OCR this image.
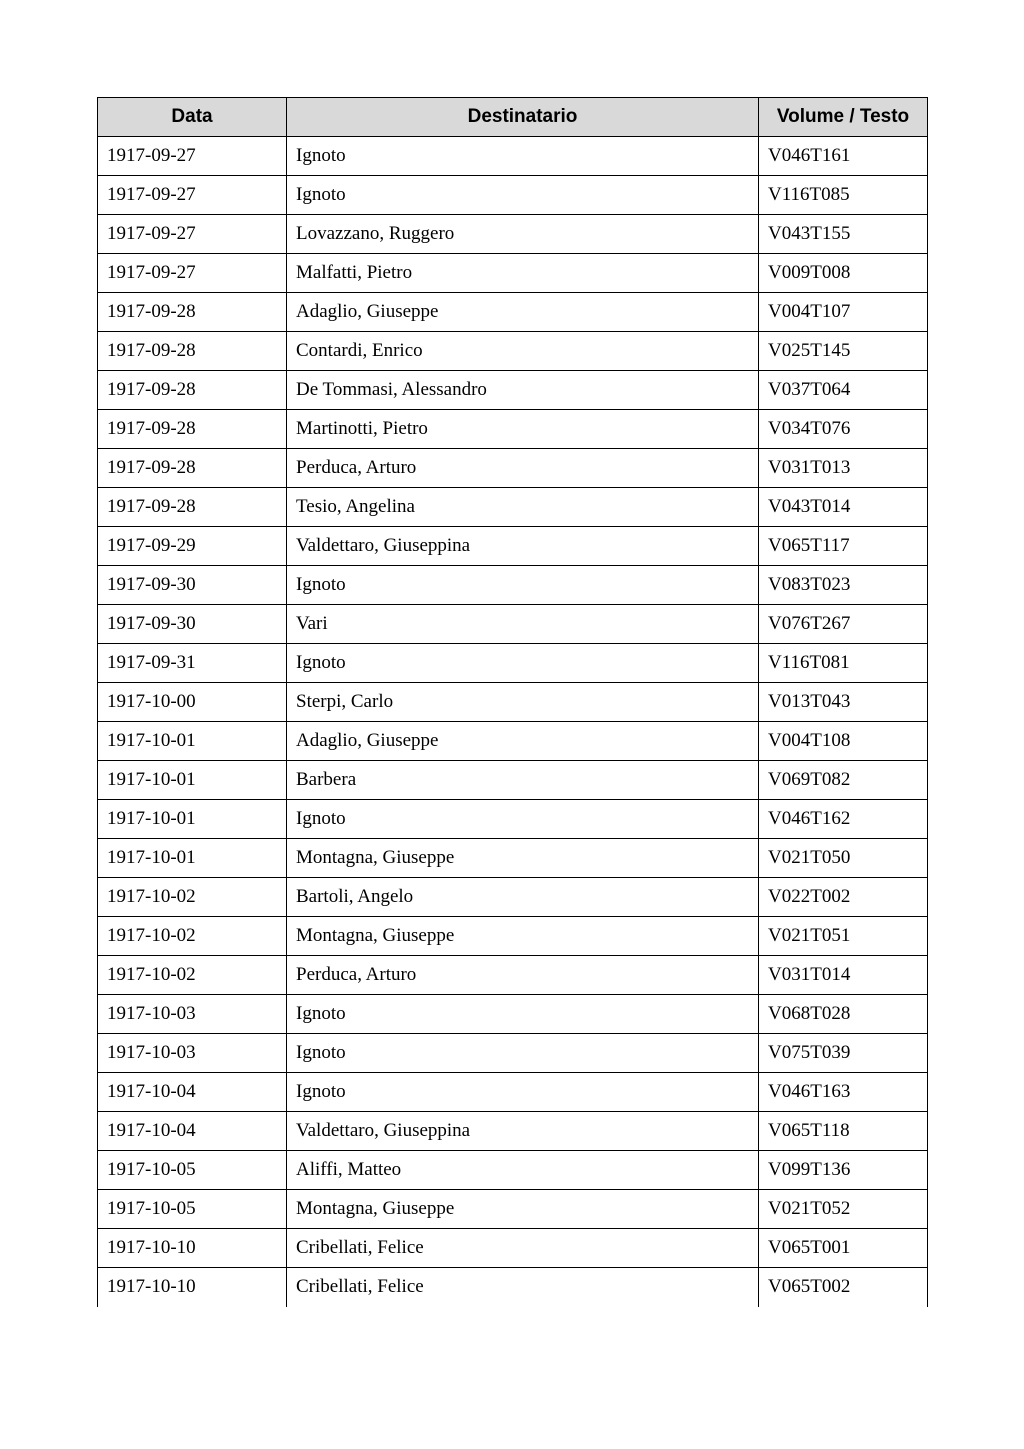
Data	Destinatario	Volume / Testo
1917-09-27	Ignoto	V046T161
1917-09-27	Ignoto	V116T085
1917-09-27	Lovazzano, Ruggero	V043T155
1917-09-27	Malfatti, Pietro	V009T008
1917-09-28	Adaglio, Giuseppe	V004T107
1917-09-28	Contardi, Enrico	V025T145
1917-09-28	De Tommasi, Alessandro	V037T064
1917-09-28	Martinotti, Pietro	V034T076
1917-09-28	Perduca, Arturo	V031T013
1917-09-28	Tesio, Angelina	V043T014
1917-09-29	Valdettaro, Giuseppina	V065T117
1917-09-30	Ignoto	V083T023
1917-09-30	Vari	V076T267
1917-09-31	Ignoto	V116T081
1917-10-00	Sterpi, Carlo	V013T043
1917-10-01	Adaglio, Giuseppe	V004T108
1917-10-01	Barbera	V069T082
1917-10-01	Ignoto	V046T162
1917-10-01	Montagna, Giuseppe	V021T050
1917-10-02	Bartoli, Angelo	V022T002
1917-10-02	Montagna, Giuseppe	V021T051
1917-10-02	Perduca, Arturo	V031T014
1917-10-03	Ignoto	V068T028
1917-10-03	Ignoto	V075T039
1917-10-04	Ignoto	V046T163
1917-10-04	Valdettaro, Giuseppina	V065T118
1917-10-05	Aliffi, Matteo	V099T136
1917-10-05	Montagna, Giuseppe	V021T052
1917-10-10	Cribellati, Felice	V065T001
1917-10-10	Cribellati, Felice	V065T002
